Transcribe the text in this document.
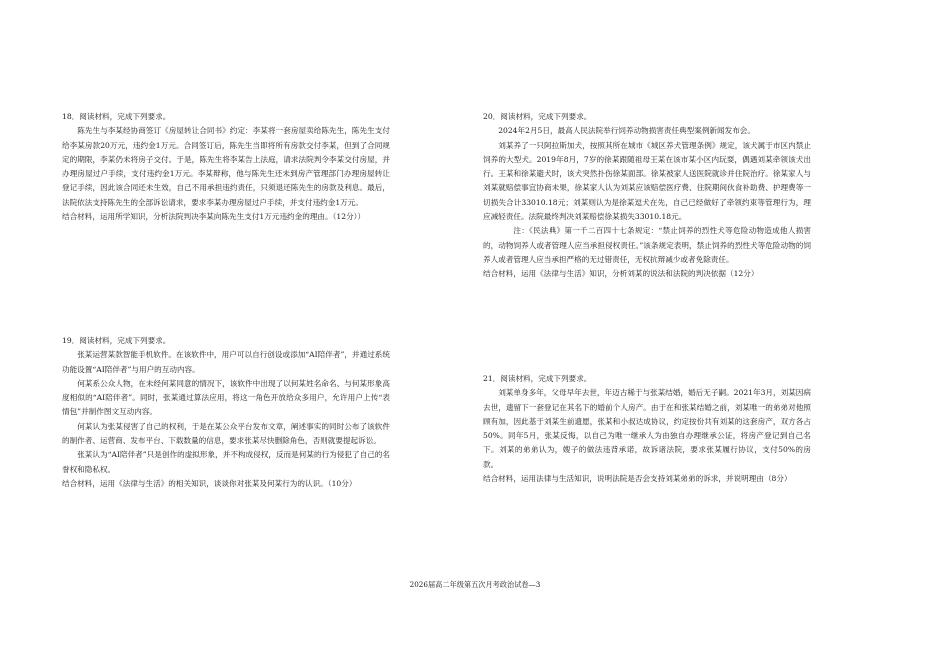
18．阅读材料，完成下列要求。

陈先生与李某经协商签订《房屋转让合同书》约定：李某将一套房屋卖给陈先生，陈先生支付给李某房款20万元，违约金1万元。合同签订后，陈先生当即将所有房款交付李某，但到了合同规定的期限，李某仍未将房子交付。于是，陈先生将李某告上法庭，请求法院判令李某交付房屋，并办理房屋过户手续，支付违约金1万元。李某辩称，他与陈先生还未到房产管理部门办理房屋转让登记手续，因此该合同还未生效，自己不用承担违约责任，只须退还陈先生的房款及利息。最后，法院依法支持陈先生的全部诉讼请求，要求李某办理房屋过户手续，并支付违约金1万元。

结合材料，运用所学知识，分析法院判决李某向陈先生支付1万元违约金的理由。（12分））

20．阅读材料，完成下列要求。

2024年2月5日，最高人民法院举行饲养动物损害责任典型案例新闻发布会。

刘某养了一只阿拉斯加犬，按照其所在城市《城区养犬管理条例》规定，该犬属于市区内禁止饲养的大型犬。2019年8月，7岁的徐某跟随祖母王某在该市某小区内玩耍，偶遇刘某牵领该犬出行。王某和徐某避犬时，该犬突然扑伤徐某面部。徐某被家人送医院就诊并住院治疗。徐某家人与刘某就赔偿事宜协商未果，徐某家人认为刘某应该赔偿医疗费、住院期间伙食补助费、护理费等一切损失合计33010.18元；刘某则认为是徐某逗犬在先，自己已经做好了牵领约束等管理行为，理应减轻责任。法院最终判决刘某赔偿徐某损失33010.18元。

注：《民法典》第一千二百四十七条规定：“禁止饲养的烈性犬等危险动物造成他人损害的，动物饲养人或者管理人应当承担侵权责任。”该条规定表明，禁止饲养的烈性犬等危险动物的饲养人或者管理人应当承担严格的无过错责任，无权抗辩减少或者免除责任。

结合材料，运用《法律与生活》知识，分析刘某的说法和法院的判决依据（12分）

19．阅读材料，完成下列要求。

张某运营某款智能手机软件。在该软件中，用户可以自行创设或添加“AI陪伴者”，并通过系统功能设置“AI陪伴者”与用户的互动内容。

何某系公众人物，在未经何某同意的情况下，该软件中出现了以何某姓名命名、与何某形象高度相似的“AI陪伴者”。同时，张某通过算法应用，将这一角色开放给众多用户，允许用户上传“表情包”并制作图文互动内容。

何某认为张某侵害了自己的权利，于是在某公众平台发布文章，阐述事实的同时公布了该软件的制作者、运营商、发布平台、下载数量的信息，要求张某尽快删除角色，否则就要提起诉讼。

张某认为“AI陪伴者”只是创作的虚拟形象，并不构成侵权，反而是何某的行为侵犯了自己的名誉权和隐私权。

结合材料，运用《法律与生活》的相关知识，谈谈你对张某及何某行为的认识。（10分）

21．阅读材料，完成下列要求。

刘某单身多年，父母早年去世，年迈古稀于与张某结婚，婚后无子嗣。2021年3月，刘某因病去世，遗留下一套登记在其名下的婚前个人房产。由于在和张某结婚之前，刘某唯一的弟弟对他照顾有加，因此基于刘某生前遗愿，张某和小叔达成协议，约定按份共有刘某的这套房产，双方各占50%。同年5月，张某反悔，以自己为唯一继承人为由独自办理继承公证，将房产登记到自己名下。刘某的弟弟认为，嫂子的做法违背承诺，故诉诸法院，要求张某履行协议，支付50%的房款。

结合材料，运用法律与生活知识，说明法院是否会支持刘某弟弟的诉求，并说明理由（8分）

2026届高二年级第五次月考政治试卷—3
